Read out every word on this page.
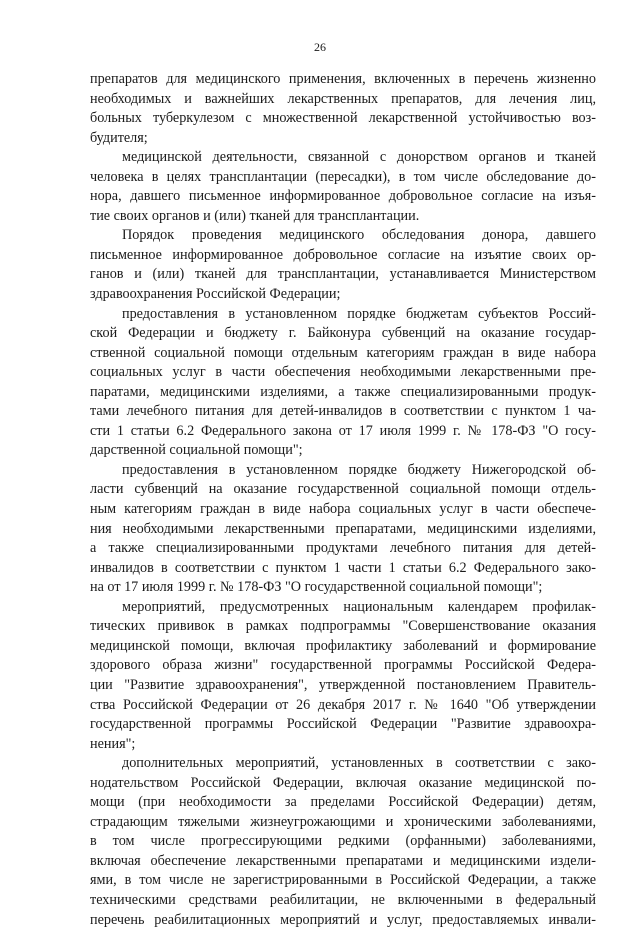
26
препаратов для медицинского применения, включенных в перечень жизненно
необходимых и важнейших лекарственных препаратов, для лечения лиц,
больных туберкулезом с множественной лекарственной устойчивостью воз-
будителя;
медицинской деятельности, связанной с донорством органов и тканей
человека в целях трансплантации (пересадки), в том числе обследование до-
нора, давшего письменное информированное добровольное согласие на изъя-
тие своих органов и (или) тканей для трансплантации.
Порядок проведения медицинского обследования донора, давшего
письменное информированное добровольное согласие на изъятие своих ор-
ганов и (или) тканей для трансплантации, устанавливается Министерством
здравоохранения Российской Федерации;
предоставления в установленном порядке бюджетам субъектов Россий-
ской Федерации и бюджету г. Байконура субвенций на оказание государ-
ственной социальной помощи отдельным категориям граждан в виде набора
социальных услуг в части обеспечения необходимыми лекарственными пре-
паратами, медицинскими изделиями, а также специализированными продук-
тами лечебного питания для детей-инвалидов в соответствии с пунктом 1 ча-
сти 1 статьи 6.2 Федерального закона от 17 июля 1999 г. № 178-ФЗ "О госу-
дарственной социальной помощи";
предоставления в установленном порядке бюджету Нижегородской об-
ласти субвенций на оказание государственной социальной помощи отдель-
ным категориям граждан в виде набора социальных услуг в части обеспече-
ния необходимыми лекарственными препаратами, медицинскими изделиями,
а также специализированными продуктами лечебного питания для детей-
инвалидов в соответствии с пунктом 1 части 1 статьи 6.2 Федерального зако-
на от 17 июля 1999 г. № 178-ФЗ "О государственной социальной помощи";
мероприятий, предусмотренных национальным календарем профилак-
тических прививок в рамках подпрограммы "Совершенствование оказания
медицинской помощи, включая профилактику заболеваний и формирование
здорового образа жизни" государственной программы Российской Федера-
ции "Развитие здравоохранения", утвержденной постановлением Правитель-
ства Российской Федерации от 26 декабря 2017 г. № 1640 "Об утверждении
государственной программы Российской Федерации "Развитие здравоохра-
нения";
дополнительных мероприятий, установленных в соответствии с зако-
нодательством Российской Федерации, включая оказание медицинской по-
мощи (при необходимости за пределами Российской Федерации) детям,
страдающим тяжелыми жизнеугрожающими и хроническими заболеваниями,
в том числе прогрессирующими редкими (орфанными) заболеваниями,
включая обеспечение лекарственными препаратами и медицинскими издели-
ями, в том числе не зарегистрированными в Российской Федерации, а также
техническими средствами реабилитации, не включенными в федеральный
перечень реабилитационных мероприятий и услуг, предоставляемых инвали-
